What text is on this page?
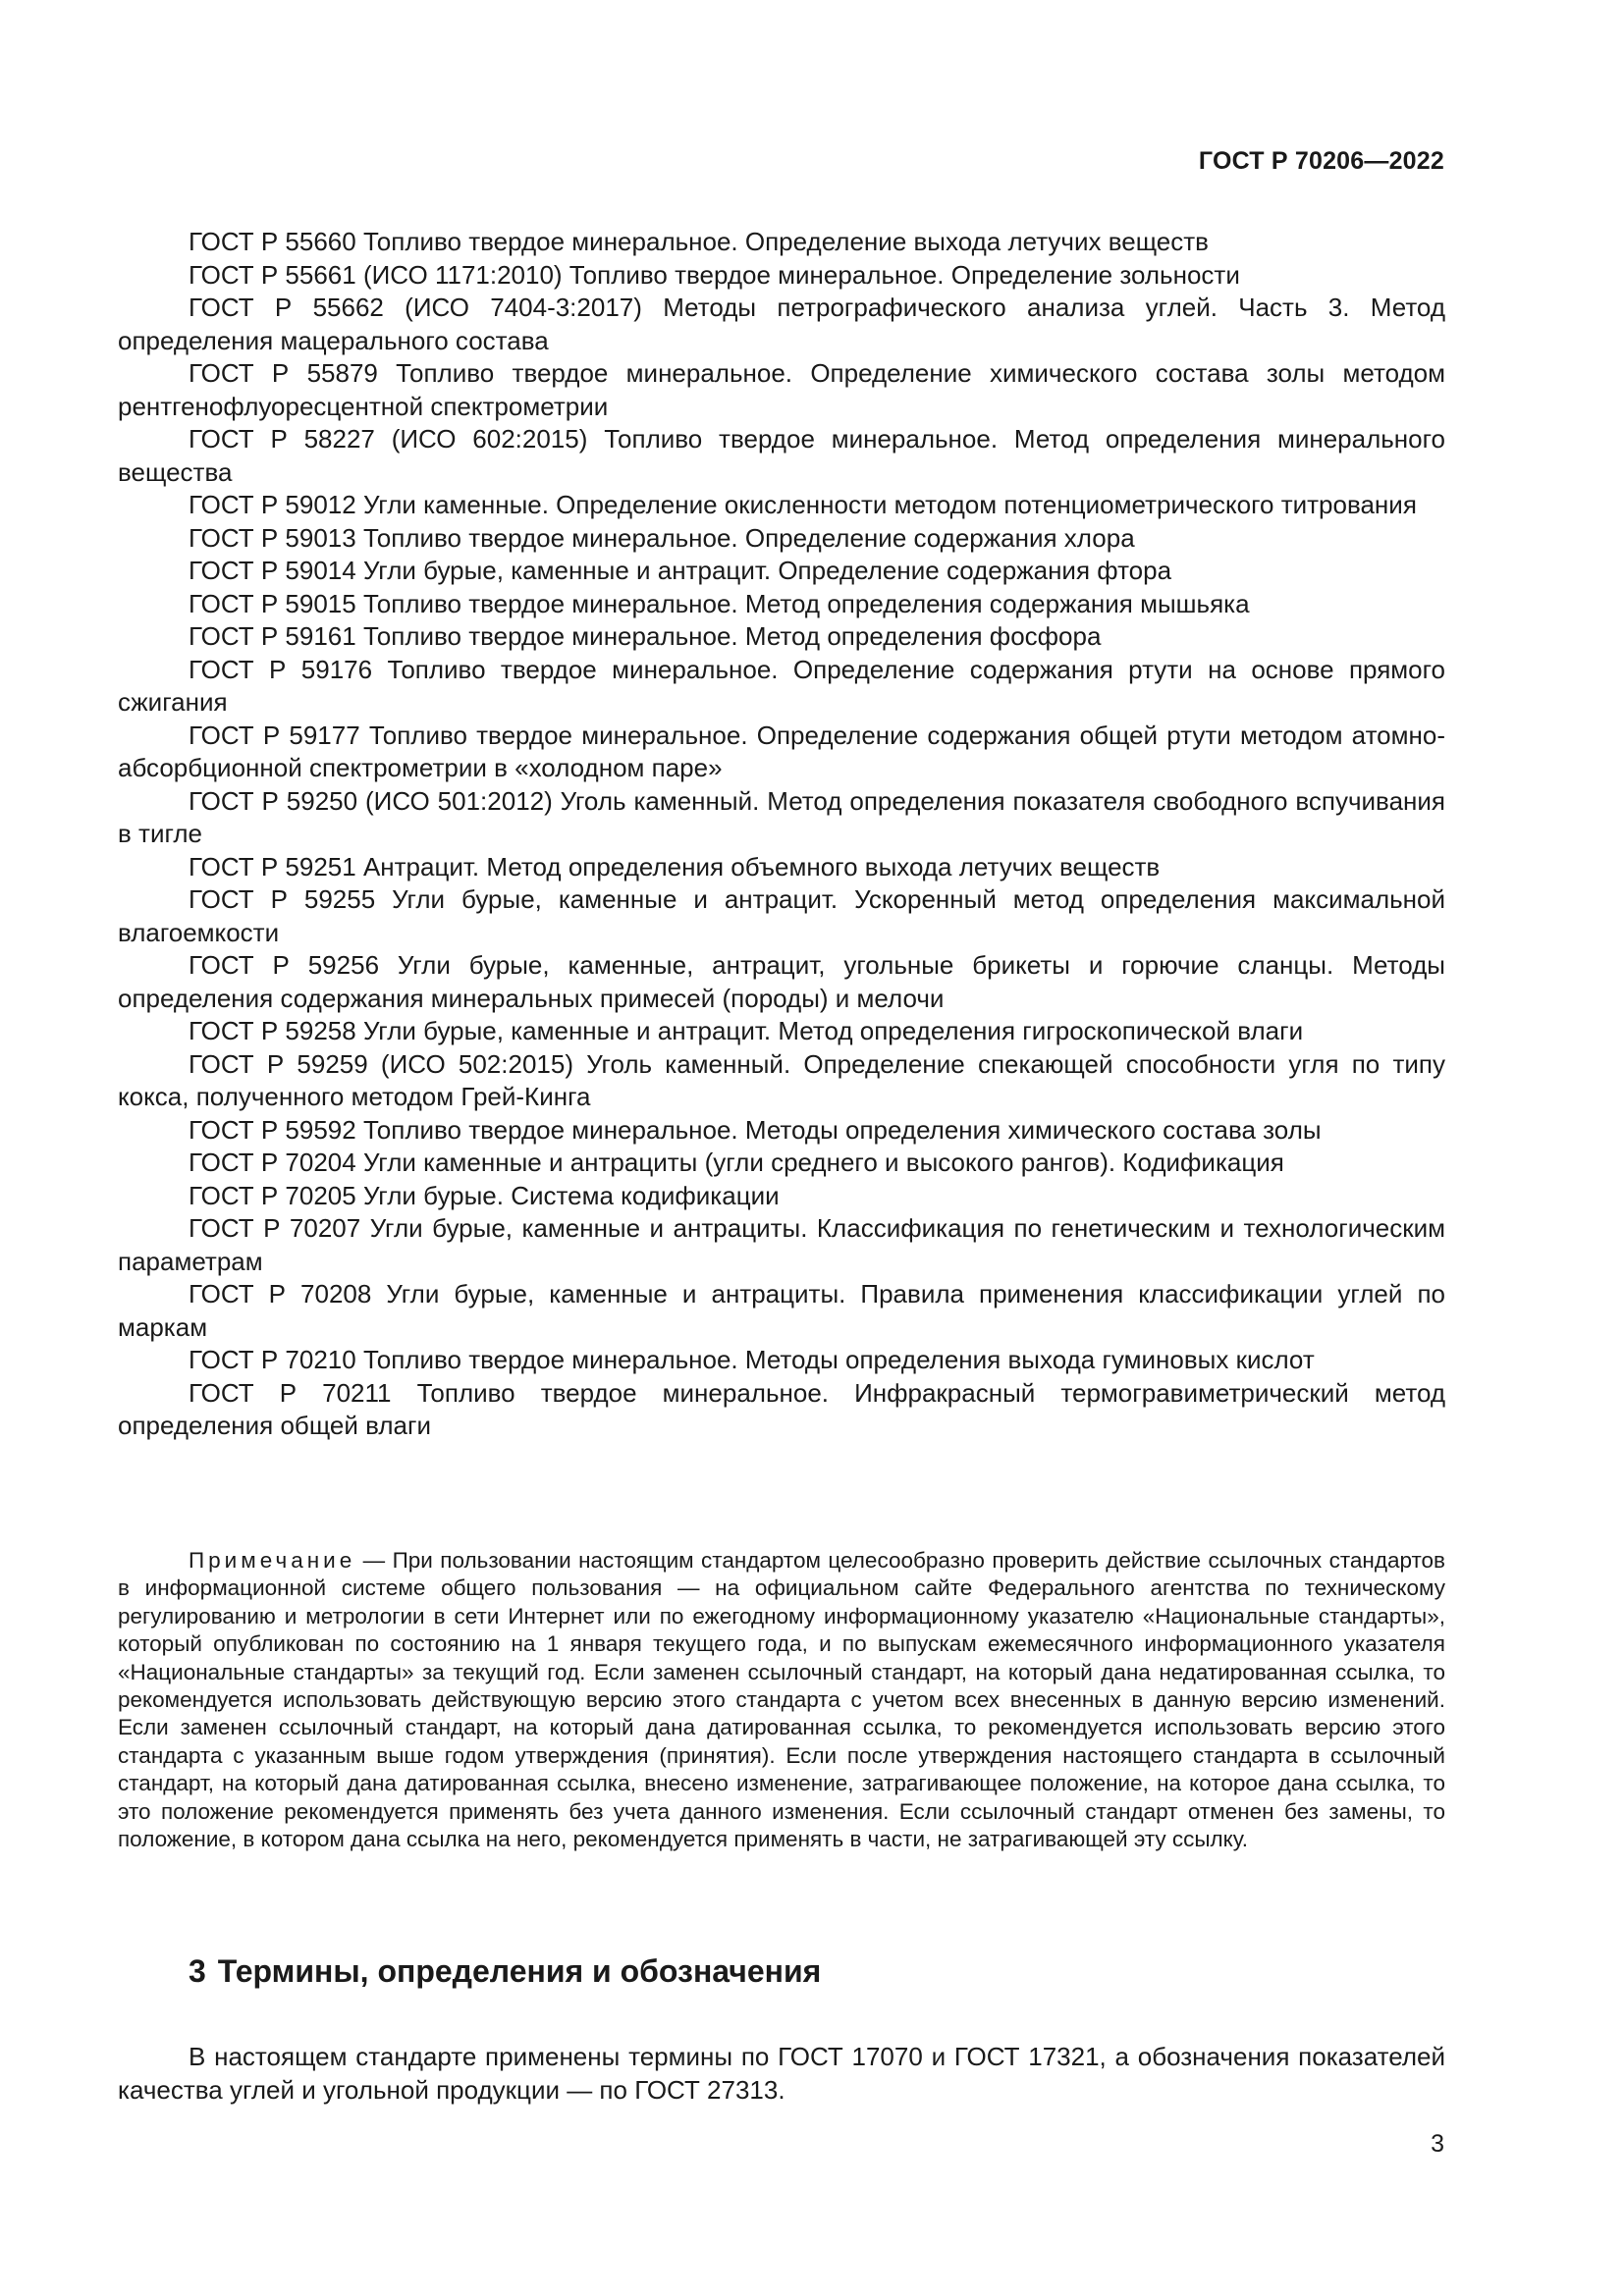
ГОСТ Р 70206—2022

ГОСТ Р 55660 Топливо твердое минеральное. Определение выхода летучих веществ

ГОСТ Р 55661 (ИСО 1171:2010) Топливо твердое минеральное. Определение зольности

ГОСТ Р 55662 (ИСО 7404-3:2017) Методы петрографического анализа углей. Часть 3. Метод определения мацерального состава

ГОСТ Р 55879 Топливо твердое минеральное. Определение химического состава золы методом рентгенофлуоресцентной спектрометрии

ГОСТ Р 58227 (ИСО 602:2015) Топливо твердое минеральное. Метод определения минерального вещества

ГОСТ Р 59012 Угли каменные. Определение окисленности методом потенциометрического титрования

ГОСТ Р 59013 Топливо твердое минеральное. Определение содержания хлора

ГОСТ Р 59014 Угли бурые, каменные и антрацит. Определение содержания фтора

ГОСТ Р 59015 Топливо твердое минеральное. Метод определения содержания мышьяка

ГОСТ Р 59161 Топливо твердое минеральное. Метод определения фосфора

ГОСТ Р 59176 Топливо твердое минеральное. Определение содержания ртути на основе прямого сжигания

ГОСТ Р 59177 Топливо твердое минеральное. Определение содержания общей ртути методом атомно-абсорбционной спектрометрии в «холодном паре»

ГОСТ Р 59250 (ИСО 501:2012) Уголь каменный. Метод определения показателя свободного вспучивания в тигле

ГОСТ Р 59251 Антрацит. Метод определения объемного выхода летучих веществ

ГОСТ Р 59255 Угли бурые, каменные и антрацит. Ускоренный метод определения максимальной влагоемкости

ГОСТ Р 59256 Угли бурые, каменные, антрацит, угольные брикеты и горючие сланцы. Методы определения содержания минеральных примесей (породы) и мелочи

ГОСТ Р 59258 Угли бурые, каменные и антрацит. Метод определения гигроскопической влаги

ГОСТ Р 59259 (ИСО 502:2015) Уголь каменный. Определение спекающей способности угля по типу кокса, полученного методом Грей-Кинга

ГОСТ Р 59592 Топливо твердое минеральное. Методы определения химического состава золы

ГОСТ Р 70204 Угли каменные и антрациты (угли среднего и высокого рангов). Кодификация

ГОСТ Р 70205 Угли бурые. Система кодификации

ГОСТ Р 70207 Угли бурые, каменные и антрациты. Классификация по генетическим и технологическим параметрам

ГОСТ Р 70208 Угли бурые, каменные и антрациты. Правила применения классификации углей по маркам

ГОСТ Р 70210 Топливо твердое минеральное. Методы определения выхода гуминовых кислот

ГОСТ Р 70211 Топливо твердое минеральное. Инфракрасный термогравиметрический метод определения общей влаги

Примечание — При пользовании настоящим стандартом целесообразно проверить действие ссылочных стандартов в информационной системе общего пользования — на официальном сайте Федерального агентства по техническому регулированию и метрологии в сети Интернет или по ежегодному информационному указателю «Национальные стандарты», который опубликован по состоянию на 1 января текущего года, и по выпускам ежемесячного информационного указателя «Национальные стандарты» за текущий год. Если заменен ссылочный стандарт, на который дана недатированная ссылка, то рекомендуется использовать действующую версию этого стандарта с учетом всех внесенных в данную версию изменений. Если заменен ссылочный стандарт, на который дана датированная ссылка, то рекомендуется использовать версию этого стандарта с указанным выше годом утверждения (принятия). Если после утверждения настоящего стандарта в ссылочный стандарт, на который дана датированная ссылка, внесено изменение, затрагивающее положение, на которое дана ссылка, то это положение рекомендуется применять без учета данного изменения. Если ссылочный стандарт отменен без замены, то положение, в котором дана ссылка на него, рекомендуется применять в части, не затрагивающей эту ссылку.

3 Термины, определения и обозначения

В настоящем стандарте применены термины по ГОСТ 17070 и ГОСТ 17321, а обозначения показателей качества углей и угольной продукции — по ГОСТ 27313.

3
